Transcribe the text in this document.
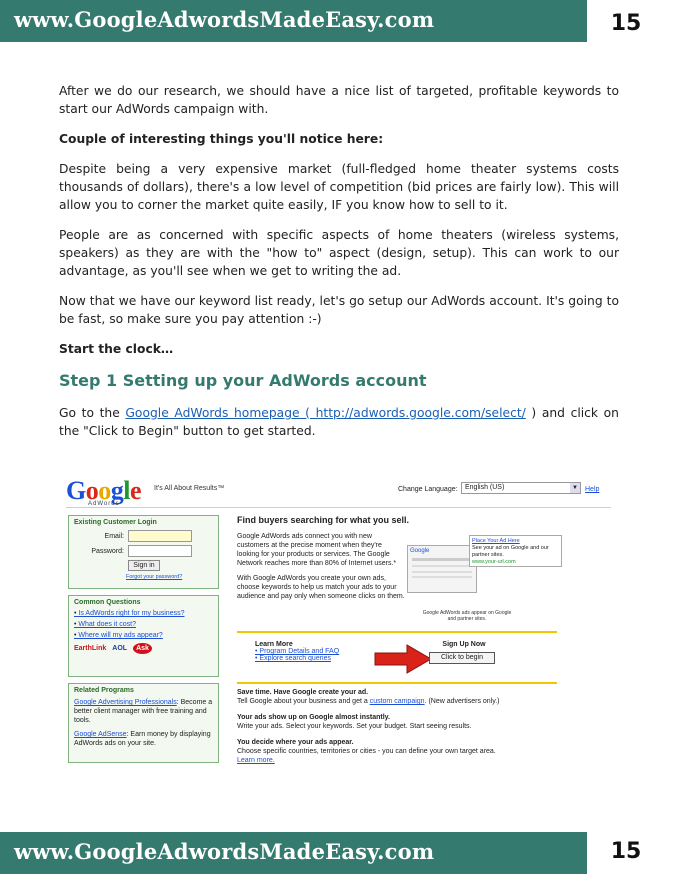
www.GoogleAdwordsMadeEasy.com	15

After we do our research, we should have a nice list of targeted, profitable keywords to start our AdWords campaign with.

Couple of interesting things you'll notice here:

Despite being a very expensive market (full-fledged home theater systems costs thousands of dollars), there's a low level of competition (bid prices are fairly low). This will allow you to corner the market quite easily, IF you know how to sell to it.

People are as concerned with specific aspects of home theaters (wireless systems, speakers) as they are with the "how to" aspect (design, setup). This can work to our advantage, as you'll see when we get to writing the ad.

Now that we have our keyword list ready, let's go setup our AdWords account. It's going to be fast, so make sure you pay attention :-)

Start the clock…

Step 1 Setting up your AdWords account

Go to the Google AdWords homepage ( http://adwords.google.com/select/ ) and click on the "Click to Begin" button to get started.

Google
AdWords
It's All About Results™	Change Language:	English (US)	▼ Help
Existing Customer Login
Email:
Password:
Sign in
Forgot your password?
Common Questions
• Is AdWords right for my business?
• What does it cost?
• Where will my ads appear?
EarthLink AOL	Ask
Related Programs

Google Advertising Professionals: Become a better client manager with free training and tools.

Google AdSense: Earn money by displaying AdWords ads on your site.

Find buyers searching for what you sell.

Google AdWords ads connect you with new customers at the precise moment when they're looking for your products or services. The Google Network reaches more than 80% of Internet users.*

With Google AdWords you create your own ads, choose keywords to help us match your ads to your audience and pay only when someone clicks on them.

Google
Place Your Ad Here
See your ad on Google and our partner sites.
www.your-url.com
Google AdWords ads appear on Google and partner sites.
Learn More
• Program Details and FAQ
• Explore search queries
Sign Up Now
Click to begin

Save time. Have Google create your ad.
Tell Google about your business and get a custom campaign. (New advertisers only.)

Your ads show up on Google almost instantly.
Write your ads. Select your keywords. Set your budget. Start seeing results.

You decide where your ads appear.
Choose specific countries, territories or cities - you can define your own target area.
Learn more.

www.GoogleAdwordsMadeEasy.com	15
